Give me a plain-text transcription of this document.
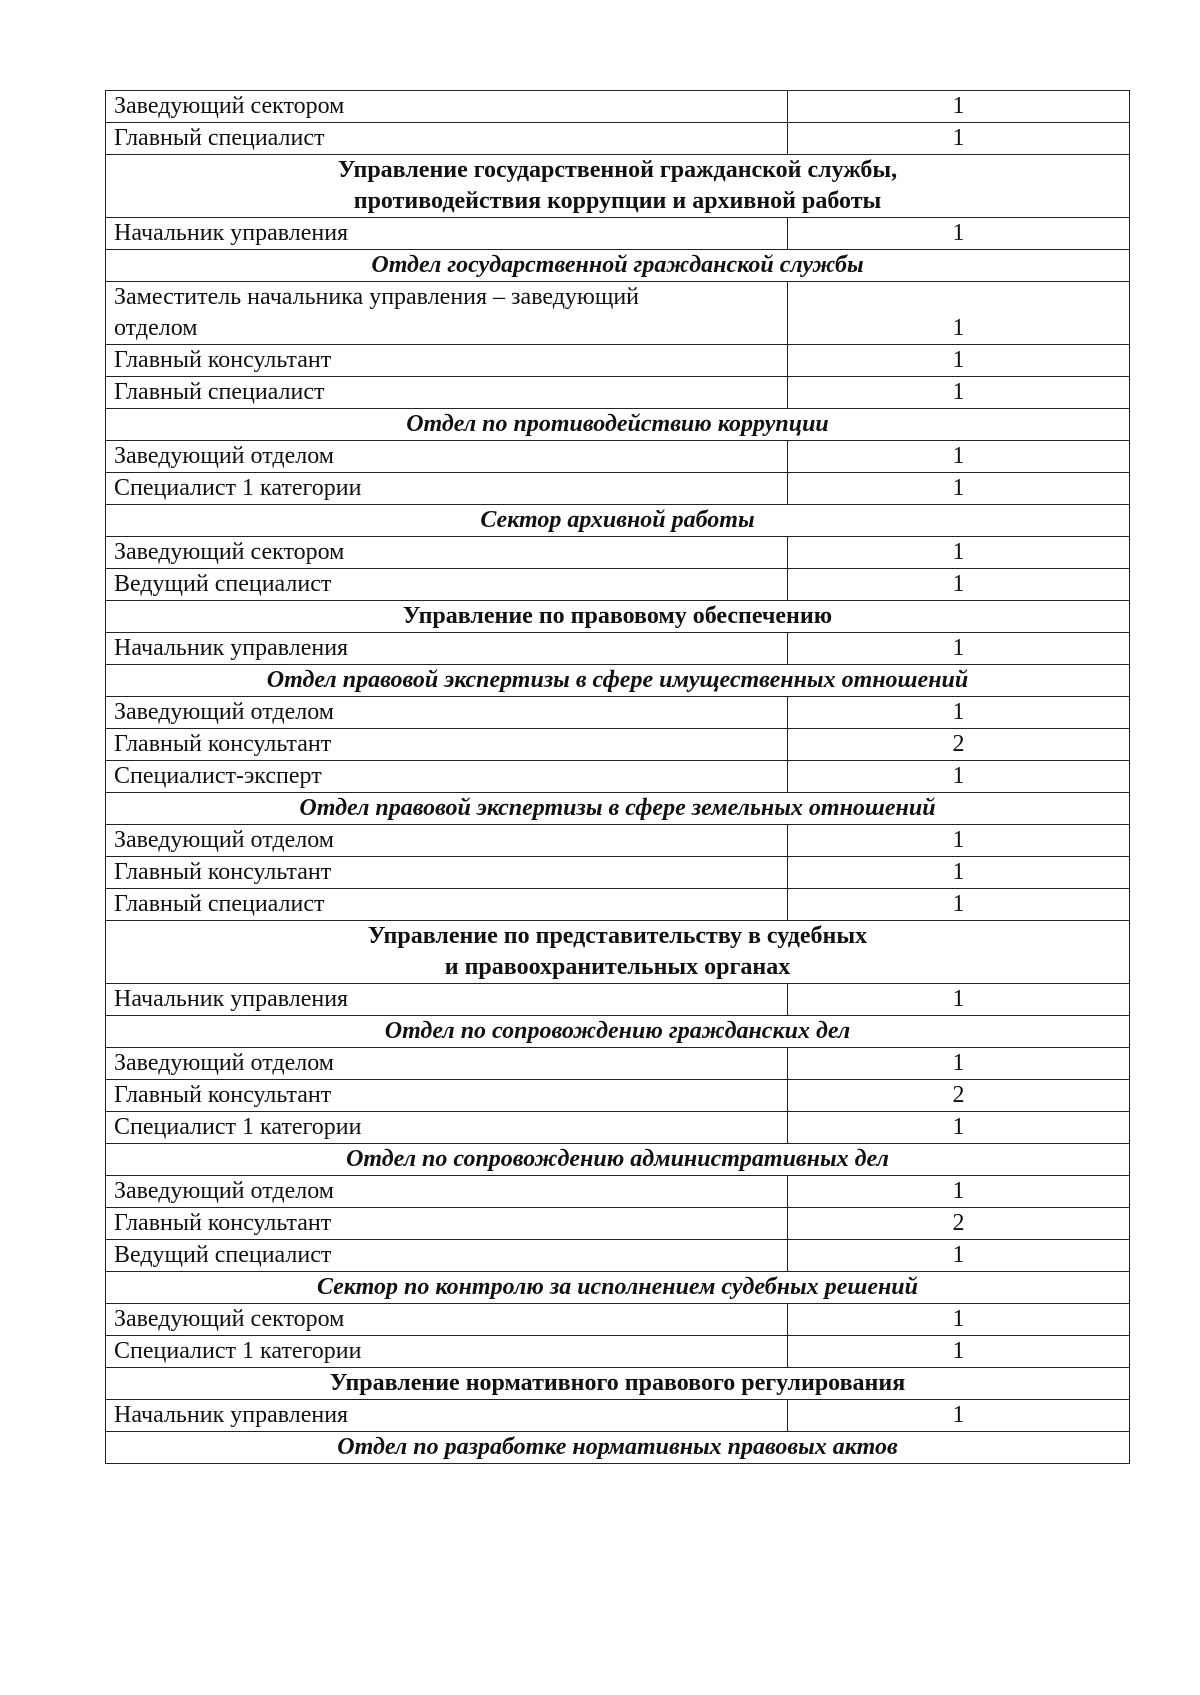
Заведующий сектором	1
Главный специалист	1

Управление государственной гражданской службы,
противодействия коррупции и архивной работы	

Начальник управления	1
Отдел государственной гражданской службы	

Заместитель начальника управления – заведующий
отделом	1
Главный консультант	1
Главный специалист	1
Отдел по противодействию коррупции	
Заведующий отделом	1
Специалист 1 категории	1
Сектор архивной работы	
Заведующий сектором	1
Ведущий специалист	1

Управление по правовому обеспечению	

Начальник управления	1
Отдел правовой экспертизы в сфере имущественных отношений	
Заведующий отделом	1
Главный консультант	2
Специалист-эксперт	1
Отдел правовой экспертизы в сфере земельных отношений	
Заведующий отделом	1
Главный консультант	1
Главный специалист	1

Управление по представительству в судебных
и правоохранительных органах	

Начальник управления	1
Отдел по сопровождению гражданских дел	
Заведующий отделом	1
Главный консультант	2
Специалист 1 категории	1
Отдел по сопровождению административных дел	
Заведующий отделом	1
Главный консультант	2
Ведущий специалист	1
Сектор по контролю за исполнением судебных решений	
Заведующий сектором	1
Специалист 1 категории	1

Управление нормативного правового регулирования	

Начальник управления	1
Отдел по разработке нормативных правовых актов	
